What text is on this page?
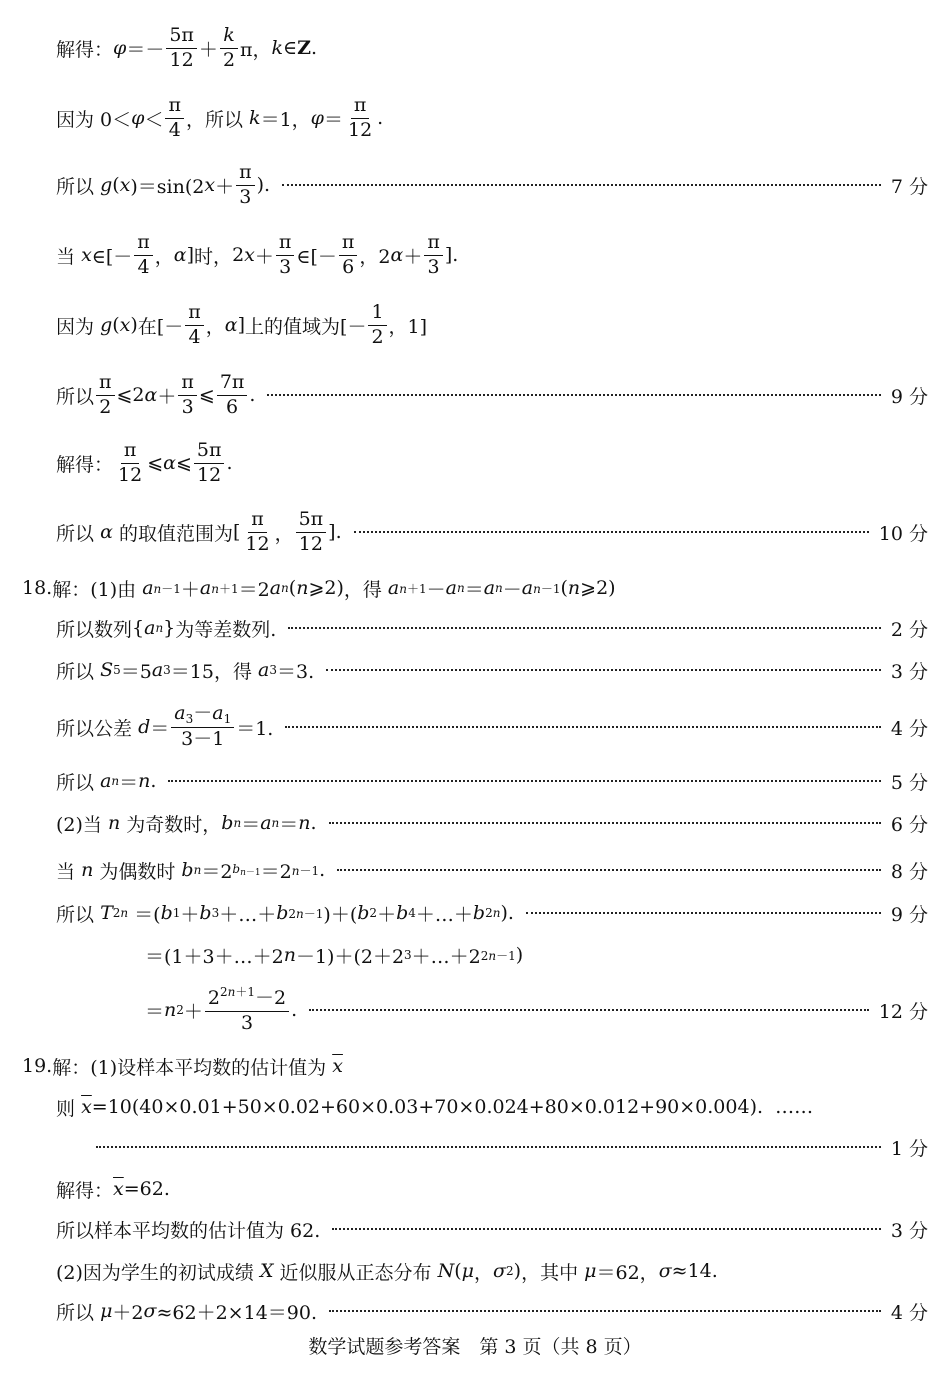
解得： $\varphi =- \frac{5\pi}{12} + \frac{k}{2}$ π， k ∈ Z .
因为 $0< \varphi < \frac{\pi}{4}$ ，所以
k ＝1， $\varphi = \frac{\pi}{12}$ .
所以
g ( x )＝sin(2 $x + \frac{\pi}{3}$ ).	7 分
当
x ∈[－ $\frac{\pi}{4}$ ， α ] 时， 2 $x + \frac{\pi}{3}$ ∈[－ $\frac{\pi}{6}$ ，2 $\alpha + \frac{\pi}{3}$ ].
因为
g ( x ) 在 [－ $\frac{\pi}{4}$ ， α ] 上的值域为 [－ $\frac{1}{2}$ ，1]
所以 $\frac{\pi}{2}$ ⩽2 $\alpha + \frac{\pi}{3}$ ⩽ $\frac{7\pi}{6}$ .	9 分
解得： $\frac{\pi}{12}$ ⩽ α ⩽ $\frac{5\pi}{12}$ .
所以
α
的取值范围为 [ $\frac{\pi}{12}$ ， $\frac{5\pi}{12}$ ].	10 分
18. 解：(1)由
a n－1 ＋ a n＋1 ＝2 a n ( n ⩾2) ，得
a n＋1 － a n ＝ a n － a n－1 ( n ⩾2)
所以数列 { a n } 为等差数列.	2 分
所以
S 5 ＝5 a 3 ＝15 ，得
a 3 ＝3.	3 分
所以公差
$d = \frac{a_3-a_1}{3-1} =1$.	4 分
所以
a n ＝ n .	5 分
(2)当
n
为奇数时， b n ＝ a n ＝ n .	6 分
当
n
为偶数时
b n ＝2 $b_{n-1} =2$ n－1 .	8 分
所以
T 2n ＝( b 1 ＋ b 3 ＋…＋ b 2n－1 )＋( b 2 ＋ b 4 ＋…＋ b 2n ).	9 分
＝(1＋3＋…＋2 n －1)＋(2＋2 3 ＋…＋2 2n－1 )
＝ n $2 + \frac{2^{2n+1}-2}{3}$ .	12 分
19. 解：(1)设样本平均数的估计值为
$\overline{x}$
则
$\overline{x} =10(40\times 0.01+50\times 0.02+60\times 0.03+70\times 0.024+80\times 0.012+90\times 0.004)$.
……
1 分
解得： $\overline{x} =62$.
所以样本平均数的估计值为 62.	3 分
(2)因为学生的初试成绩
X
近似服从正态分布
N ( μ ， σ 2 ) ，其中
μ ＝62， σ ≈14.
所以
μ ＋2 σ ≈62＋2×14＝90.	4 分
数学试题参考答案　第 3 页（共 8 页）
